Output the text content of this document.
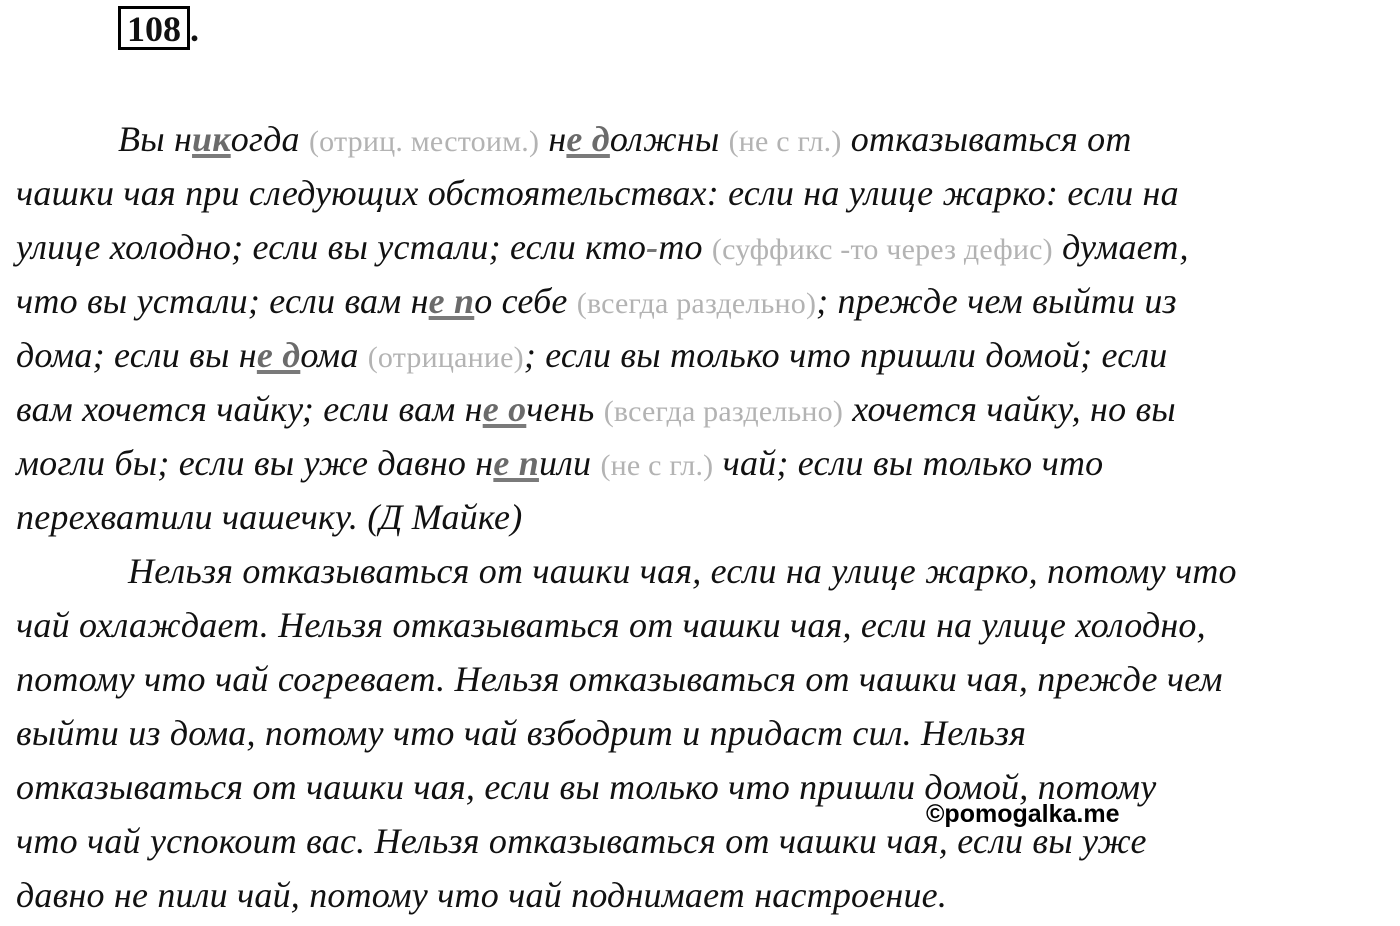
108 .
Вы никогда (отриц. местоим.) не должны (не с гл.) отказываться от
чашки чая при следующих обстоятельствах: если на улице жарко: если на
улице холодно; если вы устали; если кто-то (суффикс -то через дефис) думает,
что вы устали; если вам не по себе (всегда раздельно); прежде чем выйти из
дома; если вы не дома (отрицание); если вы только что пришли домой; если
вам хочется чайку; если вам не очень (всегда раздельно) хочется чайку, но вы
могли бы; если вы уже давно не пили (не с гл.) чай; если вы только что
перехватили чашечку. (Д Майке)
Нельзя отказываться от чашки чая, если на улице жарко, потому что
чай охлаждает. Нельзя отказываться от чашки чая, если на улице холодно,
потому что чай согревает. Нельзя отказываться от чашки чая, прежде чем
выйти из дома, потому что чай взбодрит и придаст сил. Нельзя
отказываться от чашки чая, если вы только что пришли домой, потому
что чай успокоит вас. Нельзя отказываться от чашки чая, если вы уже
давно не пили чай, потому что чай поднимает настроение.
©pomogalka.me
